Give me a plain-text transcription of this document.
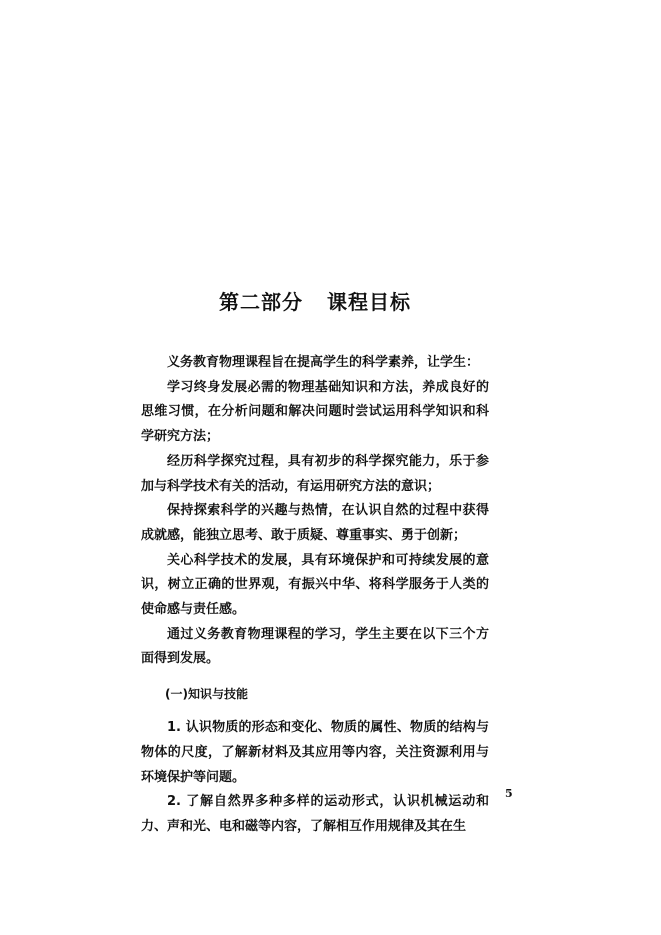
第二部分 课程目标

义务教育物理课程旨在提高学生的科学素养，让学生：

学习终身发展必需的物理基础知识和方法，养成良好的思维习惯，在分析问题和解决问题时尝试运用科学知识和科学研究方法；

经历科学探究过程，具有初步的科学探究能力，乐于参加与科学技术有关的活动，有运用研究方法的意识；

保持探索科学的兴趣与热情，在认识自然的过程中获得成就感，能独立思考、敢于质疑、尊重事实、勇于创新；

关心科学技术的发展，具有环境保护和可持续发展的意识，树立正确的世界观，有振兴中华、将科学服务于人类的使命感与责任感。

通过义务教育物理课程的学习，学生主要在以下三个方面得到发展。

(一)知识与技能

1. 认识物质的形态和变化、物质的属性、物质的结构与物体的尺度，了解新材料及其应用等内容，关注资源利用与环境保护等问题。

2. 了解自然界多种多样的运动形式，认识机械运动和力、声和光、电和磁等内容，了解相互作用规律及其在生

5
